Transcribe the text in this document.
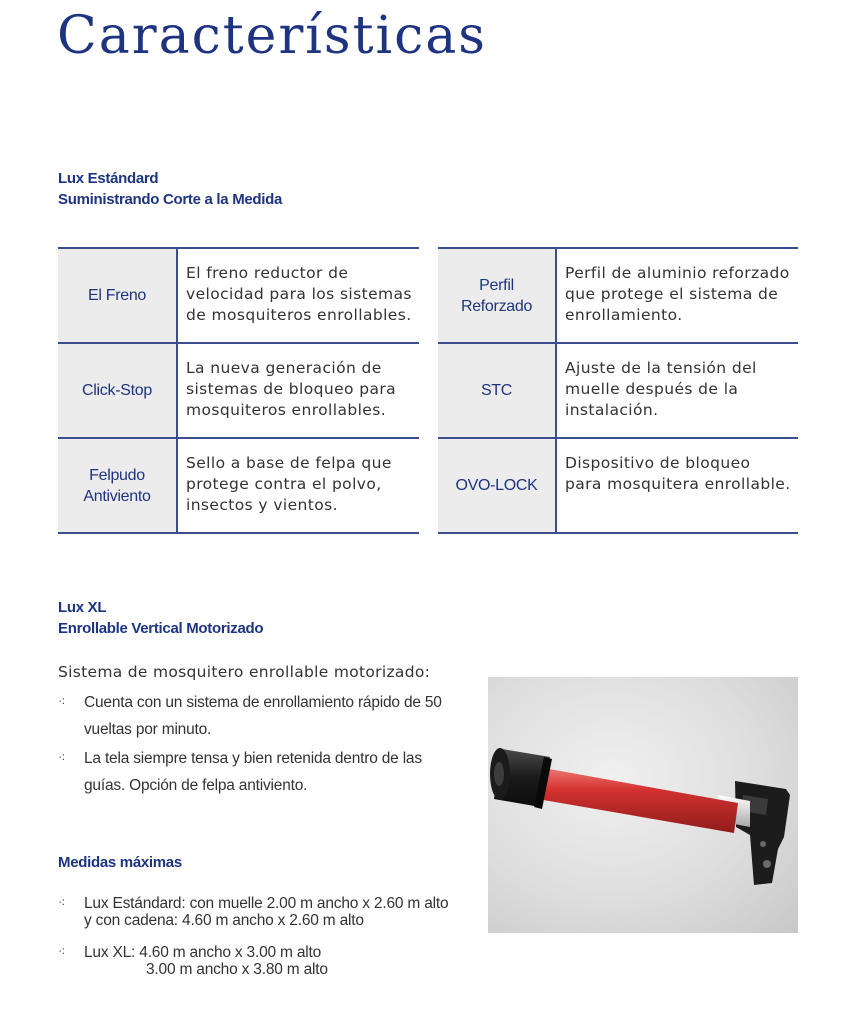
Características
Lux Estándard
Suministrando Corte a la Medida
El Freno	El freno reductor de velocidad para los sistemas de mosquiteros enrollables.
Click-Stop	La nueva generación de sistemas de bloqueo para mosquiteros enrollables.
Felpudo Antiviento	Sello a base de felpa que protege contra el polvo, insectos y vientos.
Perfil Reforzado	Perfil de aluminio reforzado que protege el sistema de enrollamiento.
STC	Ajuste de la tensión del muelle después de la instalación.
OVO-LOCK	Dispositivo de bloqueo para mosquitera enrollable.
Lux XL
Enrollable Vertical Motorizado
Sistema de mosquitero enrollable motorizado:
⁖ Cuenta con un sistema de enrollamiento rápido de 50 vueltas por minuto.
⁖ La tela siempre tensa y bien retenida dentro de las guías. Opción de felpa antiviento.
Medidas máximas
⁖ Lux Estándard: con muelle 2.00 m ancho x 2.60 m alto
y con cadena: 4.60 m ancho x 2.60 m alto
⁖ Lux XL: 4.60 m ancho x 3.00 m alto
3.00 m ancho x 3.80 m alto
